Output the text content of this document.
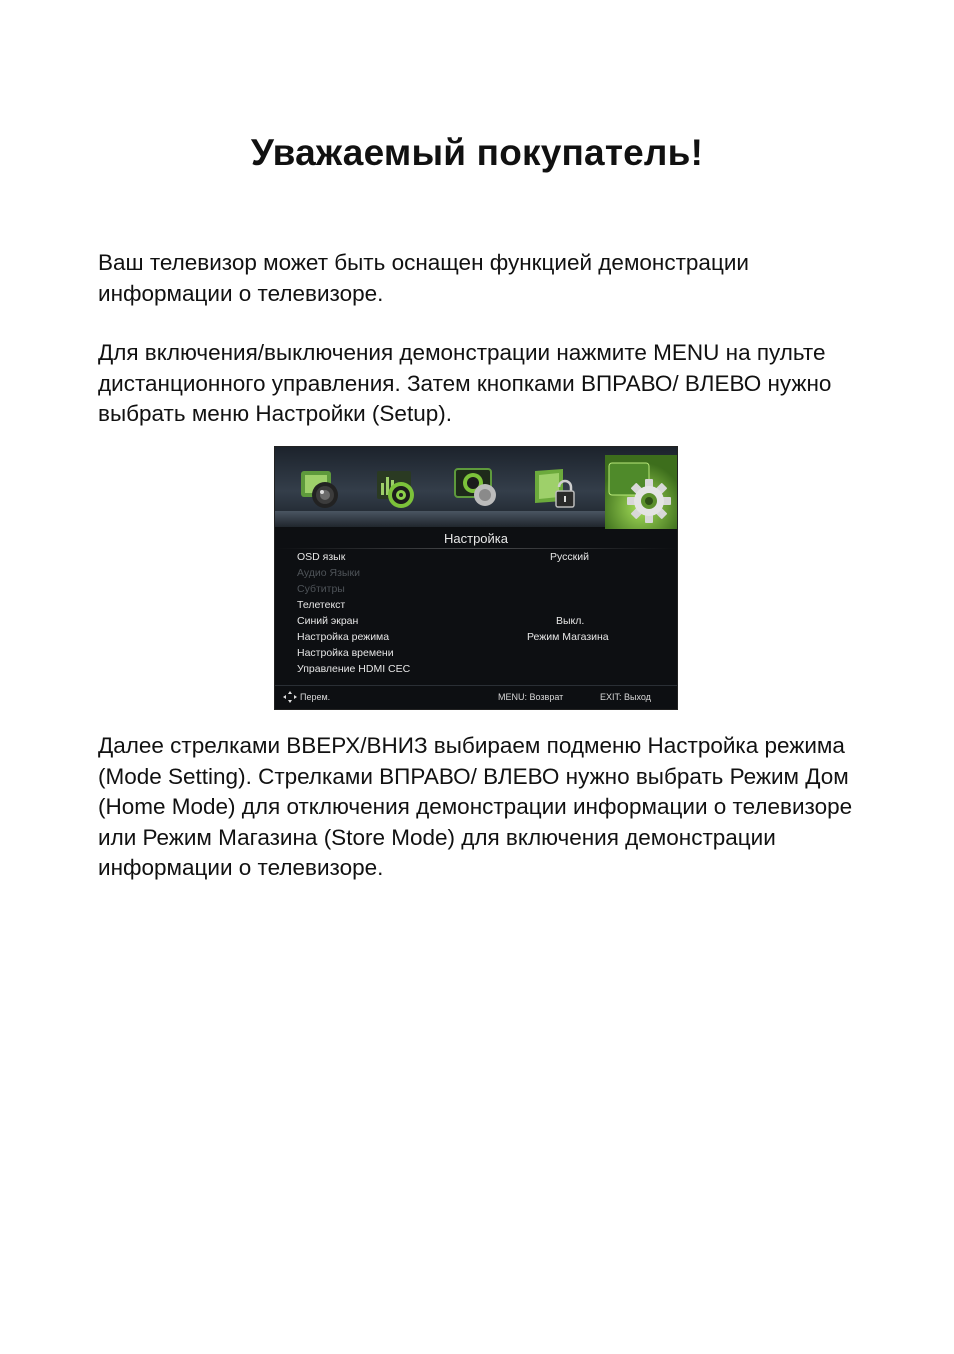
Уважаемый покупатель!

Ваш телевизор может быть оснащен функцией демонстрации информации о телевизоре.

Для включения/выключения демонстрации нажмите MENU на пульте дистанционного управления. Затем кнопками ВПРАВО/ ВЛЕВО нужно выбрать меню Настройки (Setup).

Настройка
OSD язык	Русский
Аудио Языки
Субтитры
Телетекст
Синий экран	Выкл.
Настройка режима	Режим Магазина
Настройка времени
Управление HDMI CEC
Перем.	MENU: Возврат	EXIT: Выход

Далее стрелками ВВЕРХ/ВНИЗ выбираем подменю Настройка режима (Mode Setting). Стрелками ВПРАВО/ ВЛЕВО нужно выбрать Режим Дом (Home Mode) для отключения демонстрации информации о телевизоре или Режим Магазина (Store Mode) для включения демонстрации информации о телевизоре.
